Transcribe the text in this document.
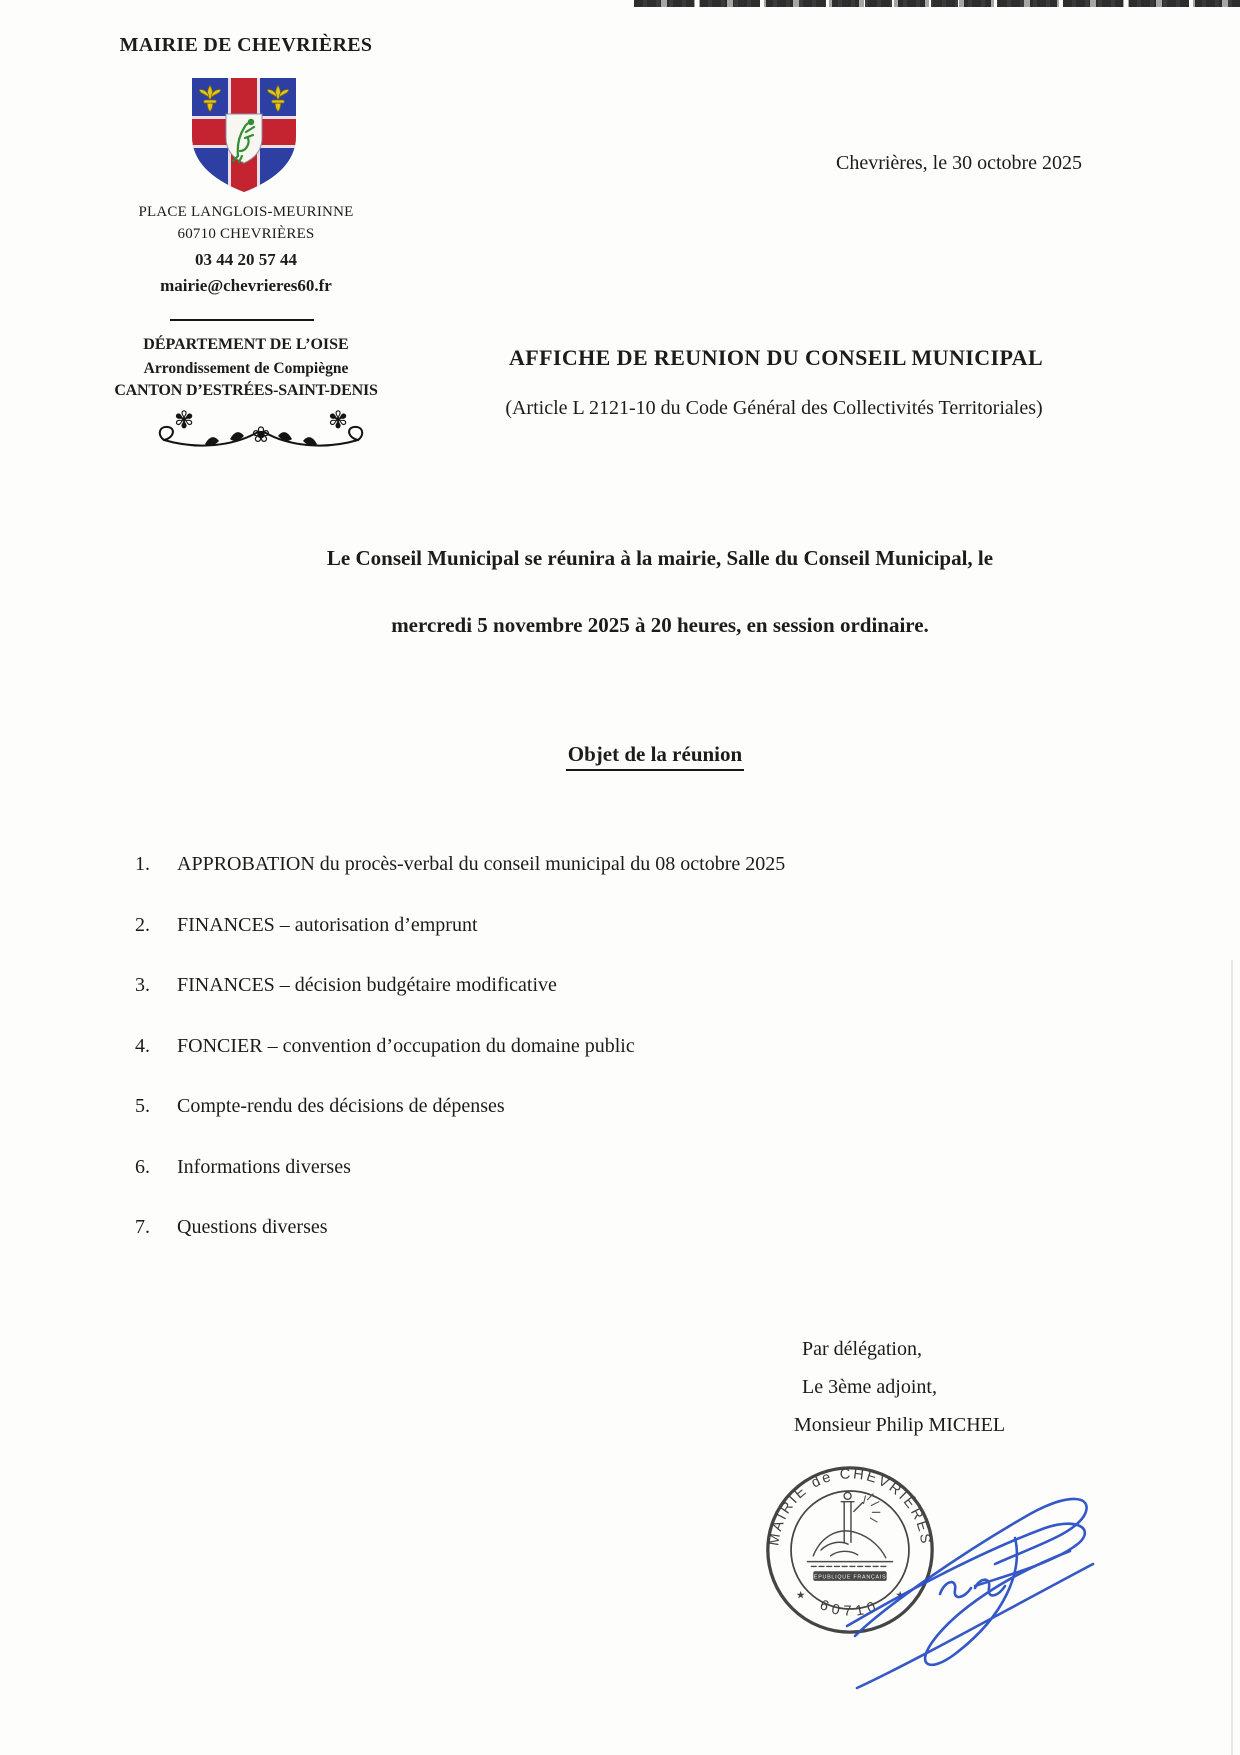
MAIRIE DE CHEVRIÈRES
PLACE LANGLOIS-MEURINNE
60710 CHEVRIÈRES
03 44 20 57 44
mairie@chevrieres60.fr
DÉPARTEMENT DE L’OISE
Arrondissement de Compiègne
CANTON D’ESTRÉES-SAINT-DENIS
✾
❀
✾
Chevrières, le 30 octobre 2025
AFFICHE DE REUNION DU CONSEIL MUNICIPAL
(Article L 2121-10 du Code Général des Collectivités Territoriales)
Le Conseil Municipal se réunira à la mairie, Salle du Conseil Municipal, le
mercredi 5 novembre 2025 à 20 heures, en session ordinaire.
Objet de la réunion
1. APPROBATION du procès-verbal du conseil municipal du 08 octobre 2025
2. FINANCES – autorisation d’emprunt
3. FINANCES – décision budgétaire modificative
4. FONCIER – convention d’occupation du domaine public
5. Compte-rendu des décisions de dépenses
6. Informations diverses
7. Questions diverses
Par délégation,
Le 3ème adjoint,
Monsieur Philip MICHEL
MAIRIE de CHEVRIÈRES
60710
★	★
RÉPUBLIQUE FRANÇAISE
